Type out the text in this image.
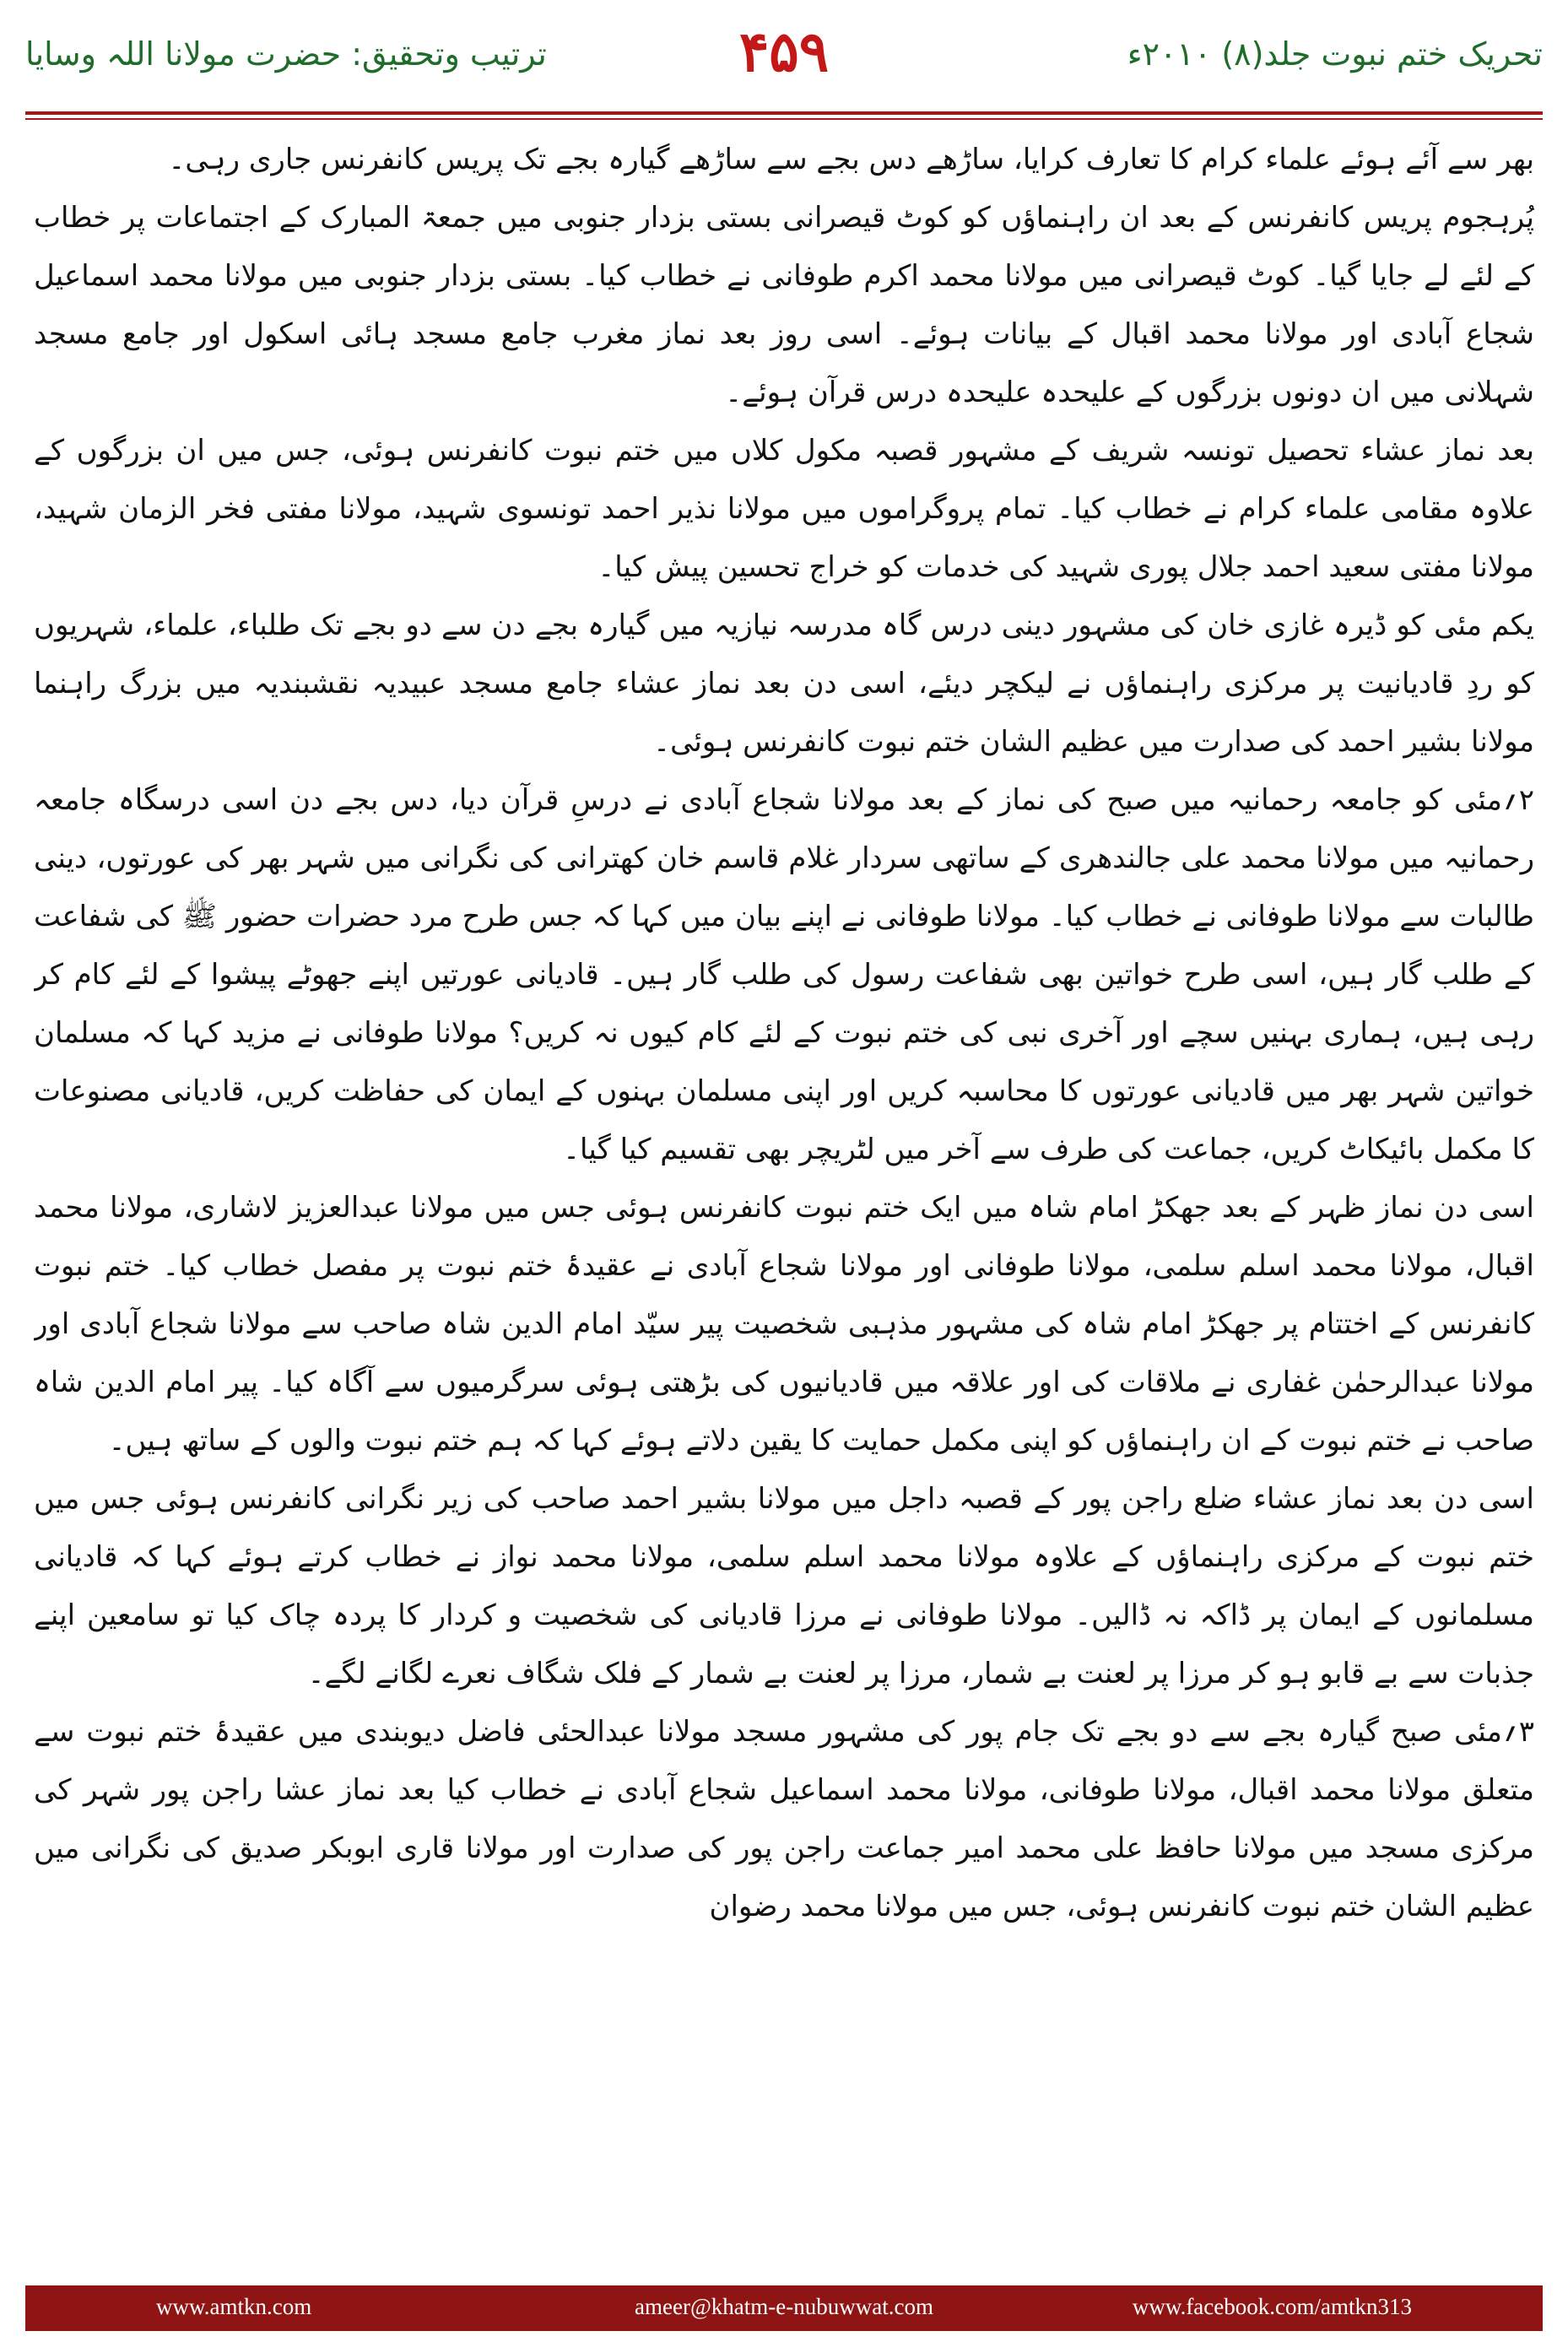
ترتیب وتحقیق: حضرت مولانا اللہ وسایا	۴۵۹	تحریک ختم نبوت جلد(۸) ۲۰۱۰ء

بھر سے آئے ہوئے علماء کرام کا تعارف کرایا، ساڑھے دس بجے سے ساڑھے گیارہ بجے تک پریس کانفرنس جاری رہی۔

پُرہجوم پریس کانفرنس کے بعد ان راہنماؤں کو کوٹ قیصرانی بستی بزدار جنوبی میں جمعۃ المبارک کے اجتماعات پر خطاب کے لئے لے جایا گیا۔ کوٹ قیصرانی میں مولانا محمد اکرم طوفانی نے خطاب کیا۔ بستی بزدار جنوبی میں مولانا محمد اسماعیل شجاع آبادی اور مولانا محمد اقبال کے بیانات ہوئے۔ اسی روز بعد نماز مغرب جامع مسجد ہائی اسکول اور جامع مسجد شہلانی میں ان دونوں بزرگوں کے علیحدہ علیحدہ درس قرآن ہوئے۔

بعد نماز عشاء تحصیل تونسہ شریف کے مشہور قصبہ مکول کلاں میں ختم نبوت کانفرنس ہوئی، جس میں ان بزرگوں کے علاوہ مقامی علماء کرام نے خطاب کیا۔ تمام پروگراموں میں مولانا نذیر احمد تونسوی شہید، مولانا مفتی فخر الزمان شہید، مولانا مفتی سعید احمد جلال پوری شہید کی خدمات کو خراج تحسین پیش کیا۔

یکم مئی کو ڈیرہ غازی خان کی مشہور دینی درس گاہ مدرسہ نیازیہ میں گیارہ بجے دن سے دو بجے تک طلباء، علماء، شہریوں کو ردِ قادیانیت پر مرکزی راہنماؤں نے لیکچر دیئے، اسی دن بعد نماز عشاء جامع مسجد عبیدیہ نقشبندیہ میں بزرگ راہنما مولانا بشیر احمد کی صدارت میں عظیم الشان ختم نبوت کانفرنس ہوئی۔

۲؍مئی کو جامعہ رحمانیہ میں صبح کی نماز کے بعد مولانا شجاع آبادی نے درسِ قرآن دیا، دس بجے دن اسی درسگاہ جامعہ رحمانیہ میں مولانا محمد علی جالندھری کے ساتھی سردار غلام قاسم خان کھترانی کی نگرانی میں شہر بھر کی عورتوں، دینی طالبات سے مولانا طوفانی نے خطاب کیا۔ مولانا طوفانی نے اپنے بیان میں کہا کہ جس طرح مرد حضرات حضور ﷺ کی شفاعت کے طلب گار ہیں، اسی طرح خواتین بھی شفاعت رسول کی طلب گار ہیں۔ قادیانی عورتیں اپنے جھوٹے پیشوا کے لئے کام کر رہی ہیں، ہماری بہنیں سچے اور آخری نبی کی ختم نبوت کے لئے کام کیوں نہ کریں؟ مولانا طوفانی نے مزید کہا کہ مسلمان خواتین شہر بھر میں قادیانی عورتوں کا محاسبہ کریں اور اپنی مسلمان بہنوں کے ایمان کی حفاظت کریں، قادیانی مصنوعات کا مکمل بائیکاٹ کریں، جماعت کی طرف سے آخر میں لٹریچر بھی تقسیم کیا گیا۔

اسی دن نماز ظہر کے بعد جھکڑ امام شاہ میں ایک ختم نبوت کانفرنس ہوئی جس میں مولانا عبدالعزیز لاشاری، مولانا محمد اقبال، مولانا محمد اسلم سلمی، مولانا طوفانی اور مولانا شجاع آبادی نے عقیدۂ ختم نبوت پر مفصل خطاب کیا۔ ختم نبوت کانفرنس کے اختتام پر جھکڑ امام شاہ کی مشہور مذہبی شخصیت پیر سیّد امام الدین شاہ صاحب سے مولانا شجاع آبادی اور مولانا عبدالرحمٰن غفاری نے ملاقات کی اور علاقہ میں قادیانیوں کی بڑھتی ہوئی سرگرمیوں سے آگاہ کیا۔ پیر امام الدین شاہ صاحب نے ختم نبوت کے ان راہنماؤں کو اپنی مکمل حمایت کا یقین دلاتے ہوئے کہا کہ ہم ختم نبوت والوں کے ساتھ ہیں۔

اسی دن بعد نماز عشاء ضلع راجن پور کے قصبہ داجل میں مولانا بشیر احمد صاحب کی زیر نگرانی کانفرنس ہوئی جس میں ختم نبوت کے مرکزی راہنماؤں کے علاوہ مولانا محمد اسلم سلمی، مولانا محمد نواز نے خطاب کرتے ہوئے کہا کہ قادیانی مسلمانوں کے ایمان پر ڈاکہ نہ ڈالیں۔ مولانا طوفانی نے مرزا قادیانی کی شخصیت و کردار کا پردہ چاک کیا تو سامعین اپنے جذبات سے بے قابو ہو کر مرزا پر لعنت بے شمار، مرزا پر لعنت بے شمار کے فلک شگاف نعرے لگانے لگے۔

۳؍مئی صبح گیارہ بجے سے دو بجے تک جام پور کی مشہور مسجد مولانا عبدالحئی فاضل دیوبندی میں عقیدۂ ختم نبوت سے متعلق مولانا محمد اقبال، مولانا طوفانی، مولانا محمد اسماعیل شجاع آبادی نے خطاب کیا بعد نماز عشا راجن پور شہر کی مرکزی مسجد میں مولانا حافظ علی محمد امیر جماعت راجن پور کی صدارت اور مولانا قاری ابوبکر صدیق کی نگرانی میں عظیم الشان ختم نبوت کانفرنس ہوئی، جس میں مولانا محمد رضوان

www.amtkn.com	ameer@khatm-e-nubuwwat.com	www.facebook.com/amtkn313
